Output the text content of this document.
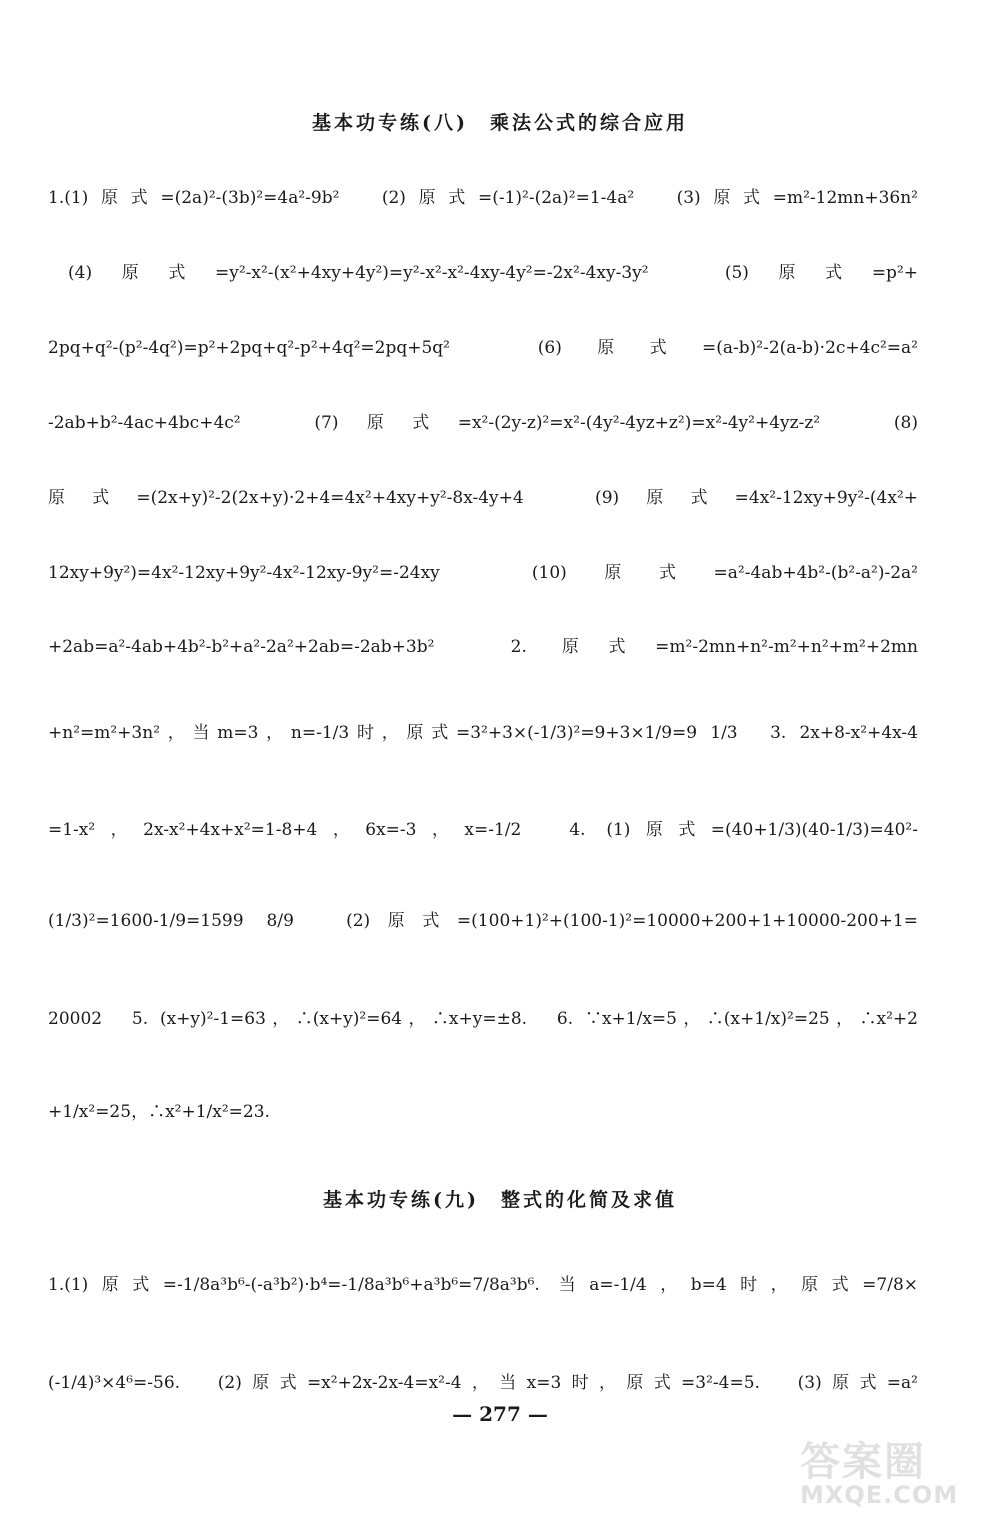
基本功专练(八)　乘法公式的综合应用
1.(1)原式=(2a)²-(3b)²=4a²-9b²　(2)原式=(-1)²-(2a)²=1-4a²　(3)原式=m²-12mn+36n²
(4)原式=y²-x²-(x²+4xy+4y²)=y²-x²-x²-4xy-4y²=-2x²-4xy-3y²　(5)原式=p²+
2pq+q²-(p²-4q²)=p²+2pq+q²-p²+4q²=2pq+5q²　(6)原式=(a-b)²-2(a-b)·2c+4c²=a²
-2ab+b²-4ac+4bc+4c²　(7)原式=x²-(2y-z)²=x²-(4y²-4yz+z²)=x²-4y²+4yz-z²　(8)
原式=(2x+y)²-2(2x+y)·2+4=4x²+4xy+y²-8x-4y+4　(9)原式=4x²-12xy+9y²-(4x²+
12xy+9y²)=4x²-12xy+9y²-4x²-12xy-9y²=-24xy　(10)原式=a²-4ab+4b²-(b²-a²)-2a²
+2ab=a²-4ab+4b²-b²+a²-2a²+2ab=-2ab+3b²　2. 原式=m²-2mn+n²-m²+n²+m²+2mn
+n²=m²+3n²，当m=3，n=-1/3时，原式=3²+3×(-1/3)²=9+3×1/9=9 1/3　3. 2x+8-x²+4x-4
=1-x²，2x-x²+4x+x²=1-8+4，6x=-3，x=-1/2　4. (1)原式=(40+1/3)(40-1/3)=40²-
(1/3)²=1600-1/9=1599 8/9　(2)原式=(100+1)²+(100-1)²=10000+200+1+10000-200+1=
20002　5. (x+y)²-1=63，∴(x+y)²=64，∴x+y=±8.　6. ∵x+1/x=5，∴(x+1/x)²=25，∴x²+2
+1/x²=25，∴x²+1/x²=23.
基本功专练(九)　整式的化简及求值
1.(1)原式=-1/8a³b⁶-(-a³b²)·b⁴=-1/8a³b⁶+a³b⁶=7/8a³b⁶. 当a=-1/4，b=4时，原式=7/8×
(-1/4)³×4⁶=-56.　(2)原式=x²+2x-2x-4=x²-4，当x=3时，原式=3²-4=5.　(3)原式=a²
— 277 —
答案圈
MXQE.COM
